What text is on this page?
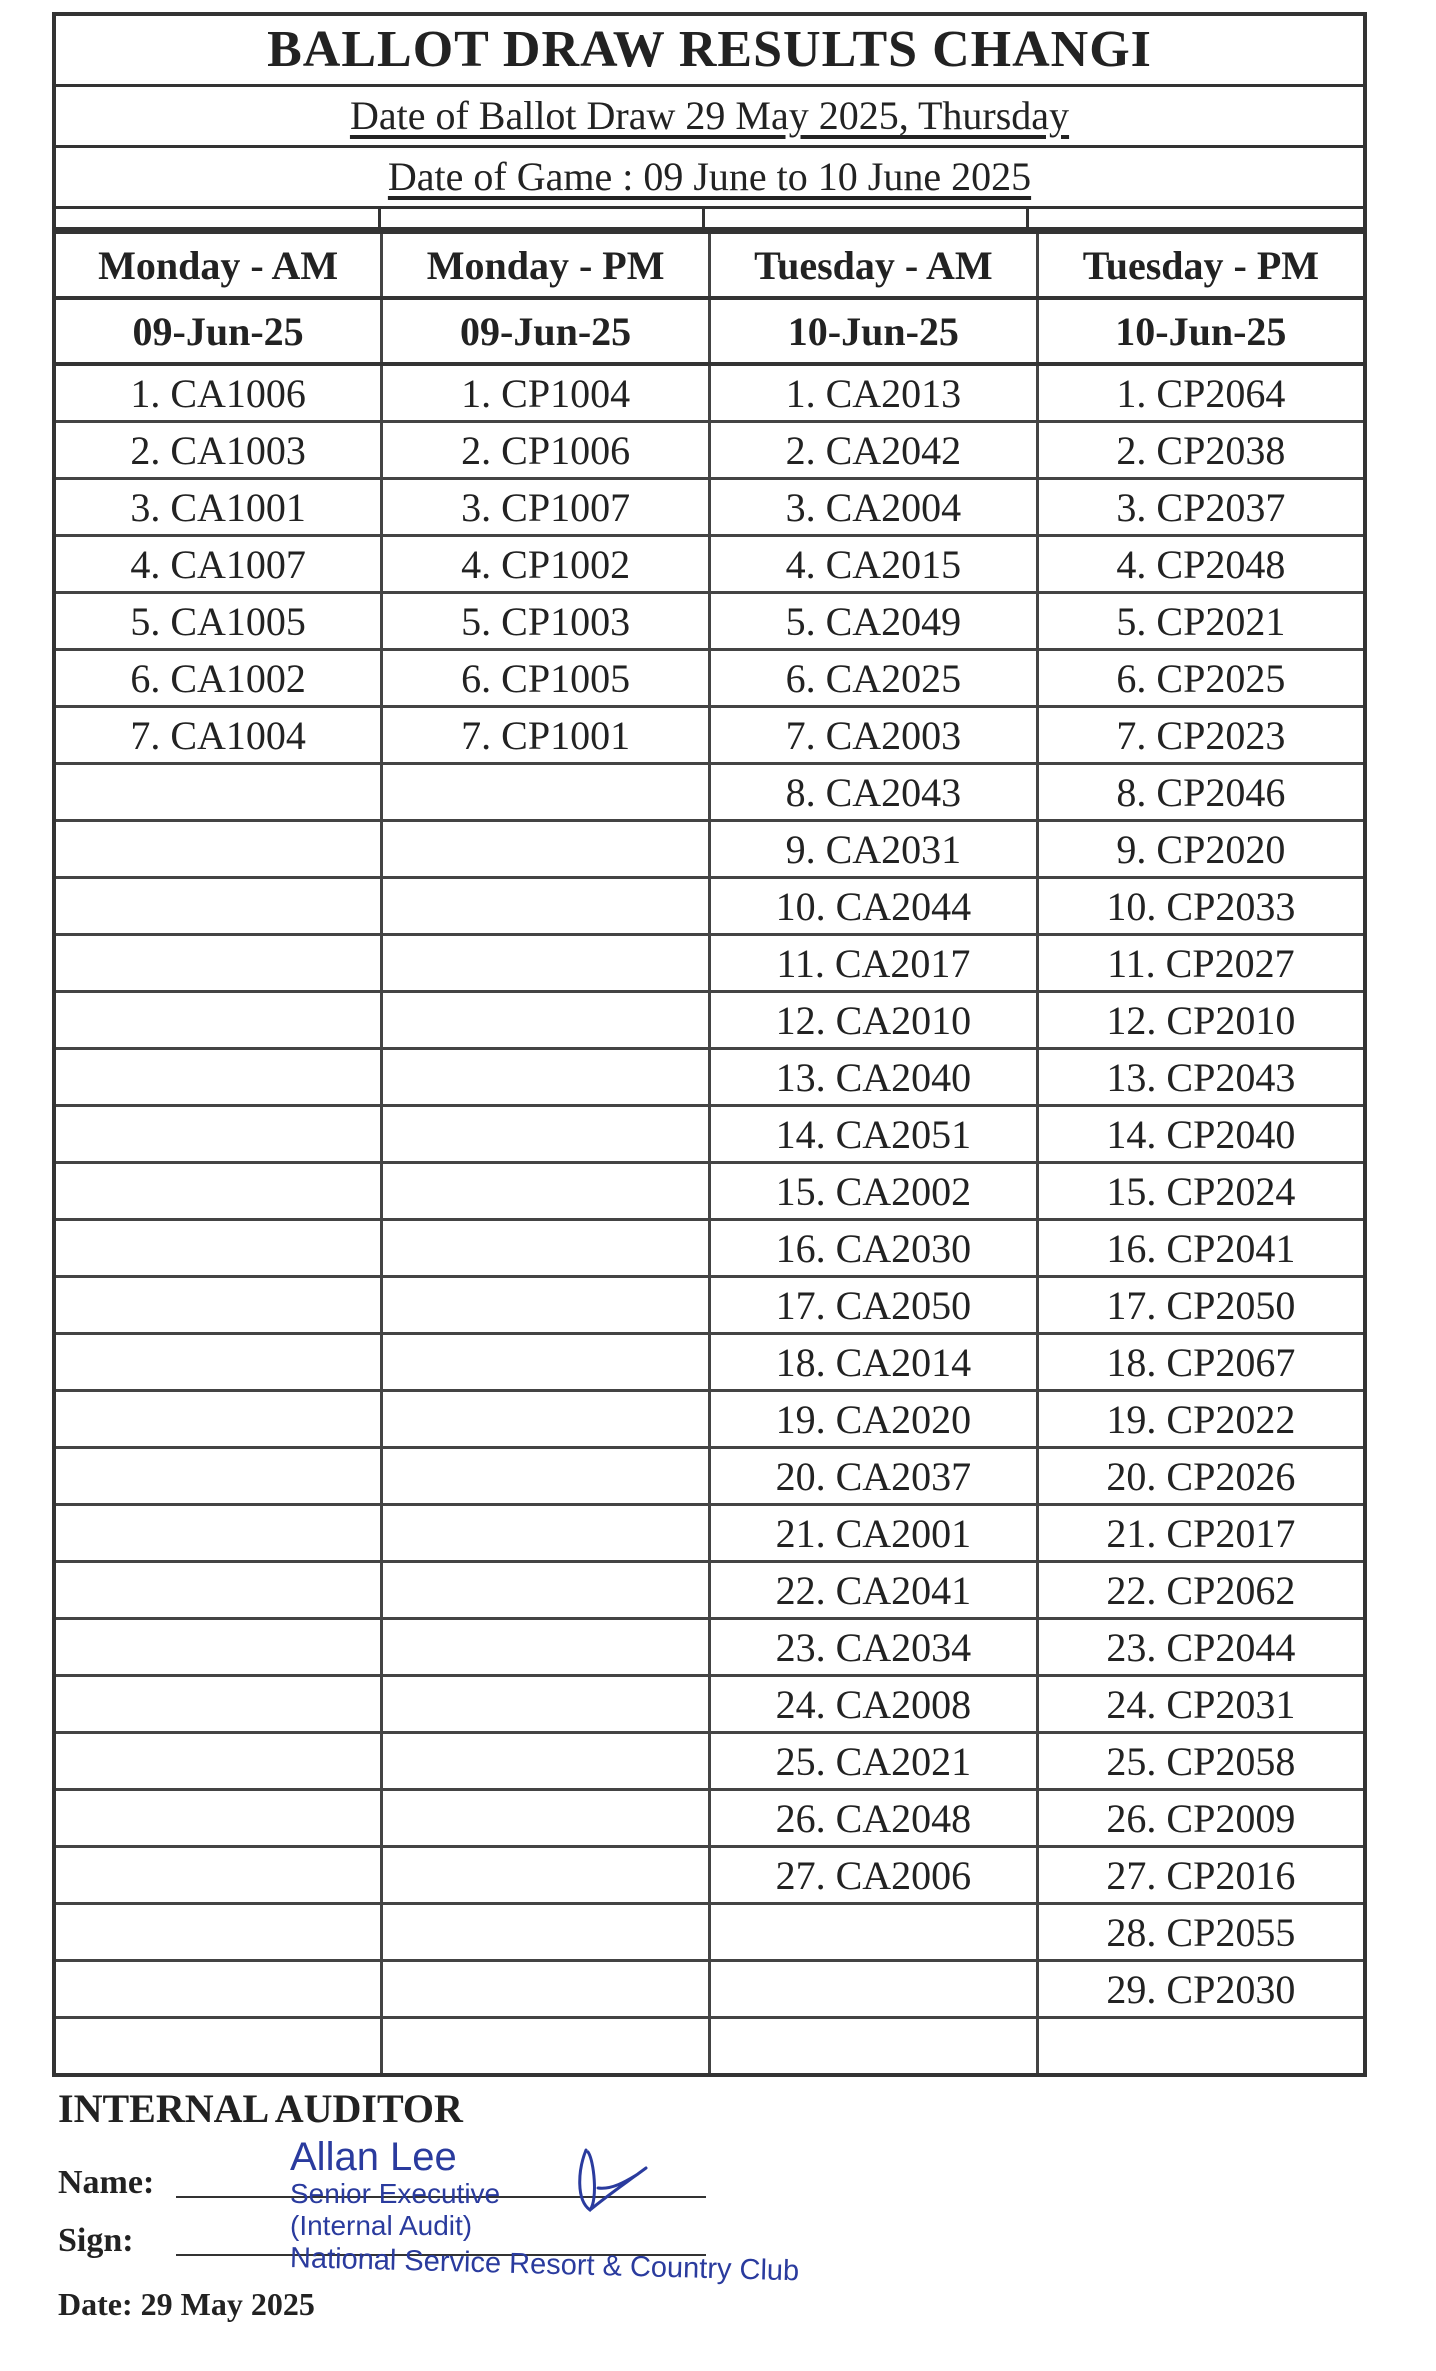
BALLOT DRAW RESULTS CHANGI
Date of Ballot Draw 29 May 2025, Thursday
Date of Game : 09 June to 10 June 2025
Monday - AM	Monday - PM	Tuesday - AM	Tuesday - PM
09-Jun-25	09-Jun-25	10-Jun-25	10-Jun-25
1. CA1006	1. CP1004	1. CA2013	1. CP2064
2. CA1003	2. CP1006	2. CA2042	2. CP2038
3. CA1001	3. CP1007	3. CA2004	3. CP2037
4. CA1007	4. CP1002	4. CA2015	4. CP2048
5. CA1005	5. CP1003	5. CA2049	5. CP2021
6. CA1002	6. CP1005	6. CA2025	6. CP2025
7. CA1004	7. CP1001	7. CA2003	7. CP2023
		8. CA2043	8. CP2046
		9. CA2031	9. CP2020
		10. CA2044	10. CP2033
		11. CA2017	11. CP2027
		12. CA2010	12. CP2010
		13. CA2040	13. CP2043
		14. CA2051	14. CP2040
		15. CA2002	15. CP2024
		16. CA2030	16. CP2041
		17. CA2050	17. CP2050
		18. CA2014	18. CP2067
		19. CA2020	19. CP2022
		20. CA2037	20. CP2026
		21. CA2001	21. CP2017
		22. CA2041	22. CP2062
		23. CA2034	23. CP2044
		24. CA2008	24. CP2031
		25. CA2021	25. CP2058
		26. CA2048	26. CP2009
		27. CA2006	27. CP2016
			28. CP2055
			29. CP2030

INTERNAL AUDITOR
Name:
Sign:
Date: 29 May 2025
Allan Lee
Senior Executive
(Internal Audit)
National Service Resort & Country Club
